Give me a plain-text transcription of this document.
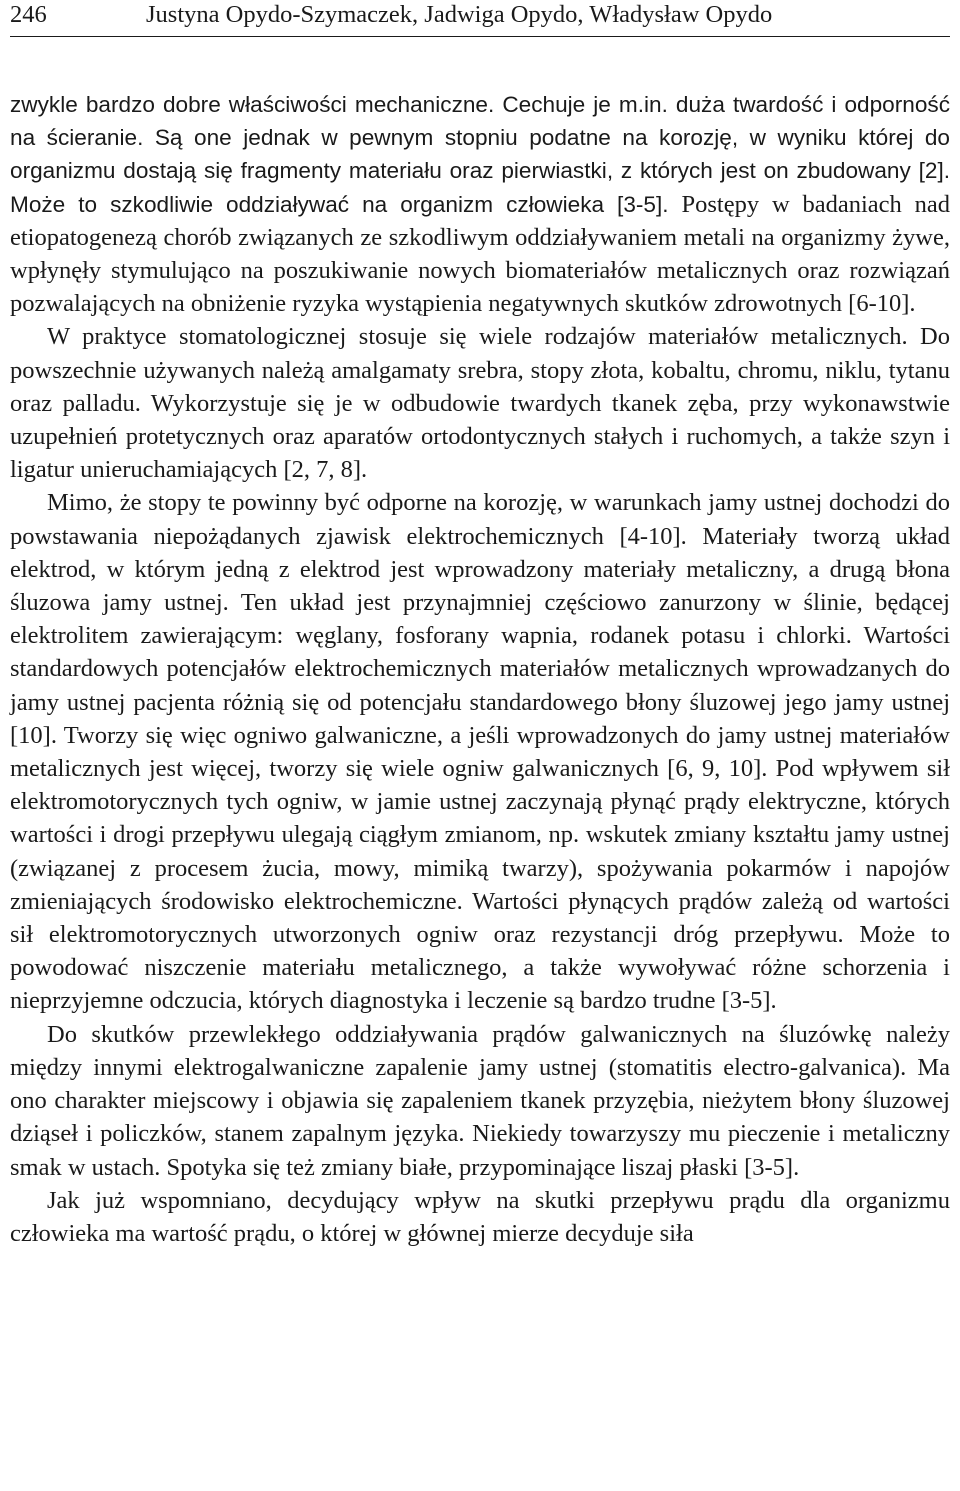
246	Justyna Opydo-Szymaczek, Jadwiga Opydo, Władysław Opydo

zwykle bardzo dobre właściwości mechaniczne. Cechuje je m.in. duża twardość i odporność na ścieranie. Są one jednak w pewnym stopniu podatne na korozję, w wyniku której do organizmu dostają się fragmenty materiału oraz pierwiastki, z których jest on zbudowany [2]. Może to szkodliwie oddziaływać na organizm człowieka [3-5]. Postępy w badaniach nad etiopatogenezą chorób związanych ze szkodliwym oddziaływaniem metali na organizmy żywe, wpłynęły stymulująco na poszukiwanie nowych biomateriałów metalicznych oraz rozwiązań pozwalających na obniżenie ryzyka wystąpienia negatywnych skutków zdrowotnych [6-10].

W praktyce stomatologicznej stosuje się wiele rodzajów materiałów metalicznych. Do powszechnie używanych należą amalgamaty srebra, stopy złota, kobaltu, chromu, niklu, tytanu oraz palladu. Wykorzystuje się je w odbudowie twardych tkanek zęba, przy wykonawstwie uzupełnień protetycznych oraz aparatów ortodontycznych stałych i ruchomych, a także szyn i ligatur unieruchamiających [2, 7, 8].

Mimo, że stopy te powinny być odporne na korozję, w warunkach jamy ustnej dochodzi do powstawania niepożądanych zjawisk elektrochemicznych [4-10]. Materiały tworzą układ elektrod, w którym jedną z elektrod jest wprowadzony materiały metaliczny, a drugą błona śluzowa jamy ustnej. Ten układ jest przynajmniej częściowo zanurzony w ślinie, będącej elektrolitem zawierającym: węglany, fosforany wapnia, rodanek potasu i chlorki. Wartości standardowych potencjałów elektrochemicznych materiałów metalicznych wprowadzanych do jamy ustnej pacjenta różnią się od potencjału standardowego błony śluzowej jego jamy ustnej [10]. Tworzy się więc ogniwo galwaniczne, a jeśli wprowadzonych do jamy ustnej materiałów metalicznych jest więcej, tworzy się wiele ogniw galwanicznych [6, 9, 10]. Pod wpływem sił elektromotorycznych tych ogniw, w jamie ustnej zaczynają płynąć prądy elektryczne, których wartości i drogi przepływu ulegają ciągłym zmianom, np. wskutek zmiany kształtu jamy ustnej (związanej z procesem żucia, mowy, mimiką twarzy), spożywania pokarmów i napojów zmieniających środowisko elektrochemiczne. Wartości płynących prądów zależą od wartości sił elektromotorycznych utworzonych ogniw oraz rezystancji dróg przepływu. Może to powodować niszczenie materiału metalicznego, a także wywoływać różne schorzenia i nieprzyjemne odczucia, których diagnostyka i leczenie są bardzo trudne [3-5].

Do skutków przewlekłego oddziaływania prądów galwanicznych na śluzówkę należy między innymi elektrogalwaniczne zapalenie jamy ustnej (stomatitis electro-galvanica). Ma ono charakter miejscowy i objawia się zapaleniem tkanek przyzębia, nieżytem błony śluzowej dziąseł i policzków, stanem zapalnym języka. Niekiedy towarzyszy mu pieczenie i metaliczny smak w ustach. Spotyka się też zmiany białe, przypominające liszaj płaski [3-5].

Jak już wspomniano, decydujący wpływ na skutki przepływu prądu dla organizmu człowieka ma wartość prądu, o której w głównej mierze decyduje siła
